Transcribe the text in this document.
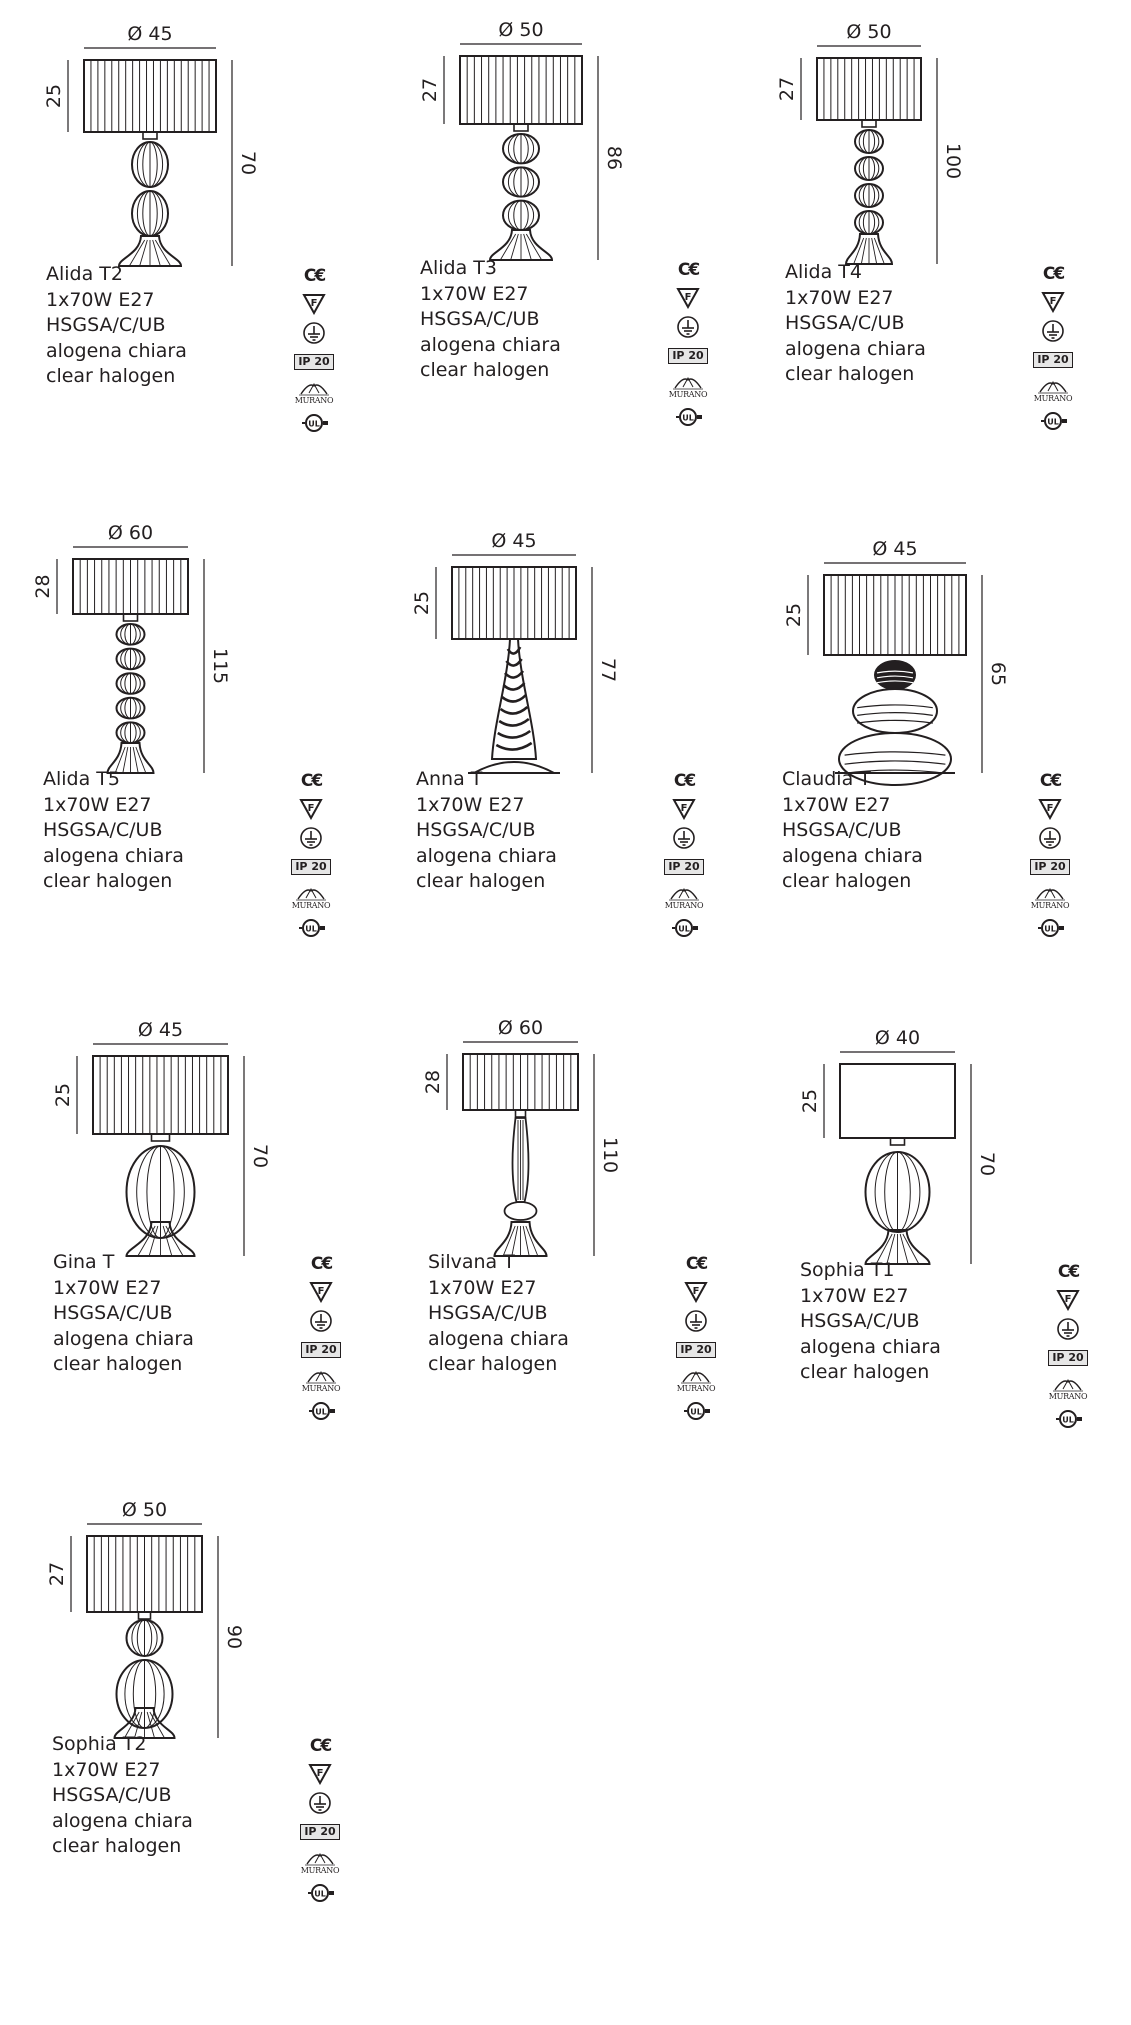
Ø 45
25
70
Alida T2
1x70W E27
HSGSA/C/UB
alogena chiara
clear halogen
C€
F
IP 20
MURANO
UL
Ø 50
27
86
Alida T3
1x70W E27
HSGSA/C/UB
alogena chiara
clear halogen
C€
F
IP 20
MURANO
UL
Ø 50
27
100
Alida T4
1x70W E27
HSGSA/C/UB
alogena chiara
clear halogen
C€
F
IP 20
MURANO
UL
Ø 60
28
115
Alida T5
1x70W E27
HSGSA/C/UB
alogena chiara
clear halogen
C€
F
IP 20
MURANO
UL
Ø 45
25
77
Anna T
1x70W E27
HSGSA/C/UB
alogena chiara
clear halogen
C€
F
IP 20
MURANO
UL
Ø 45
25
65
Claudia T
1x70W E27
HSGSA/C/UB
alogena chiara
clear halogen
C€
F
IP 20
MURANO
UL
Ø 45
25
70
Gina T
1x70W E27
HSGSA/C/UB
alogena chiara
clear halogen
C€
F
IP 20
MURANO
UL
Ø 60
28
110
Silvana T
1x70W E27
HSGSA/C/UB
alogena chiara
clear halogen
C€
F
IP 20
MURANO
UL
Ø 40
25
70
Sophia T1
1x70W E27
HSGSA/C/UB
alogena chiara
clear halogen
C€
F
IP 20
MURANO
UL
Ø 50
27
90
Sophia T2
1x70W E27
HSGSA/C/UB
alogena chiara
clear halogen
C€
F
IP 20
MURANO
UL
